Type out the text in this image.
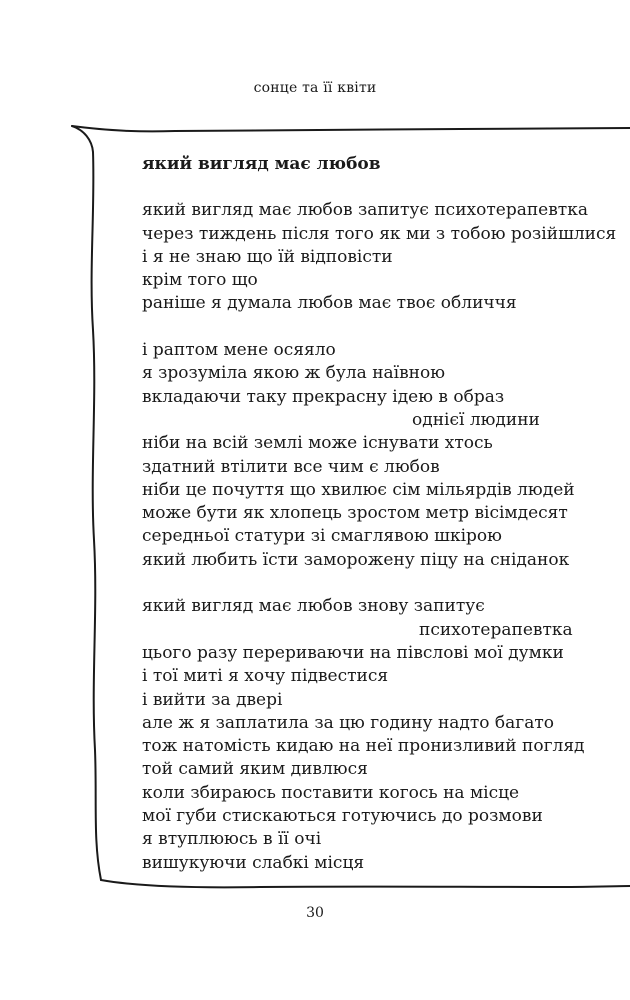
сонце та її квіти
який вигляд має любов
який вигляд має любов запитує психотерапевтка
через тиждень після того як ми з тобою розійшлися
і я не знаю що їй відповісти
крім того що
раніше я думала любов має твоє обличчя
і раптом мене осяяло
я зрозуміла якою ж була наївною
вкладаючи таку прекрасну ідею в образ
однієї людини
ніби на всій землі може існувати хтось
здатний втілити все чим є любов
ніби це почуття що хвилює сім мільярдів людей
може бути як хлопець зростом метр вісімдесят
середньої статури зі смаглявою шкірою
який любить їсти заморожену піцу на сніданок
який вигляд має любов знову запитує
психотерапевтка
цього разу перериваючи на півслові мої думки
і тої миті я хочу підвестися
і вийти за двері
але ж я заплатила за цю годину надто багато
тож натомість кидаю на неї пронизливий погляд
той самий яким дивлюся
коли збираюсь поставити когось на місце
мої губи стискаються готуючись до розмови
я втуплююсь в її очі
вишукуючи слабкі місця
30
